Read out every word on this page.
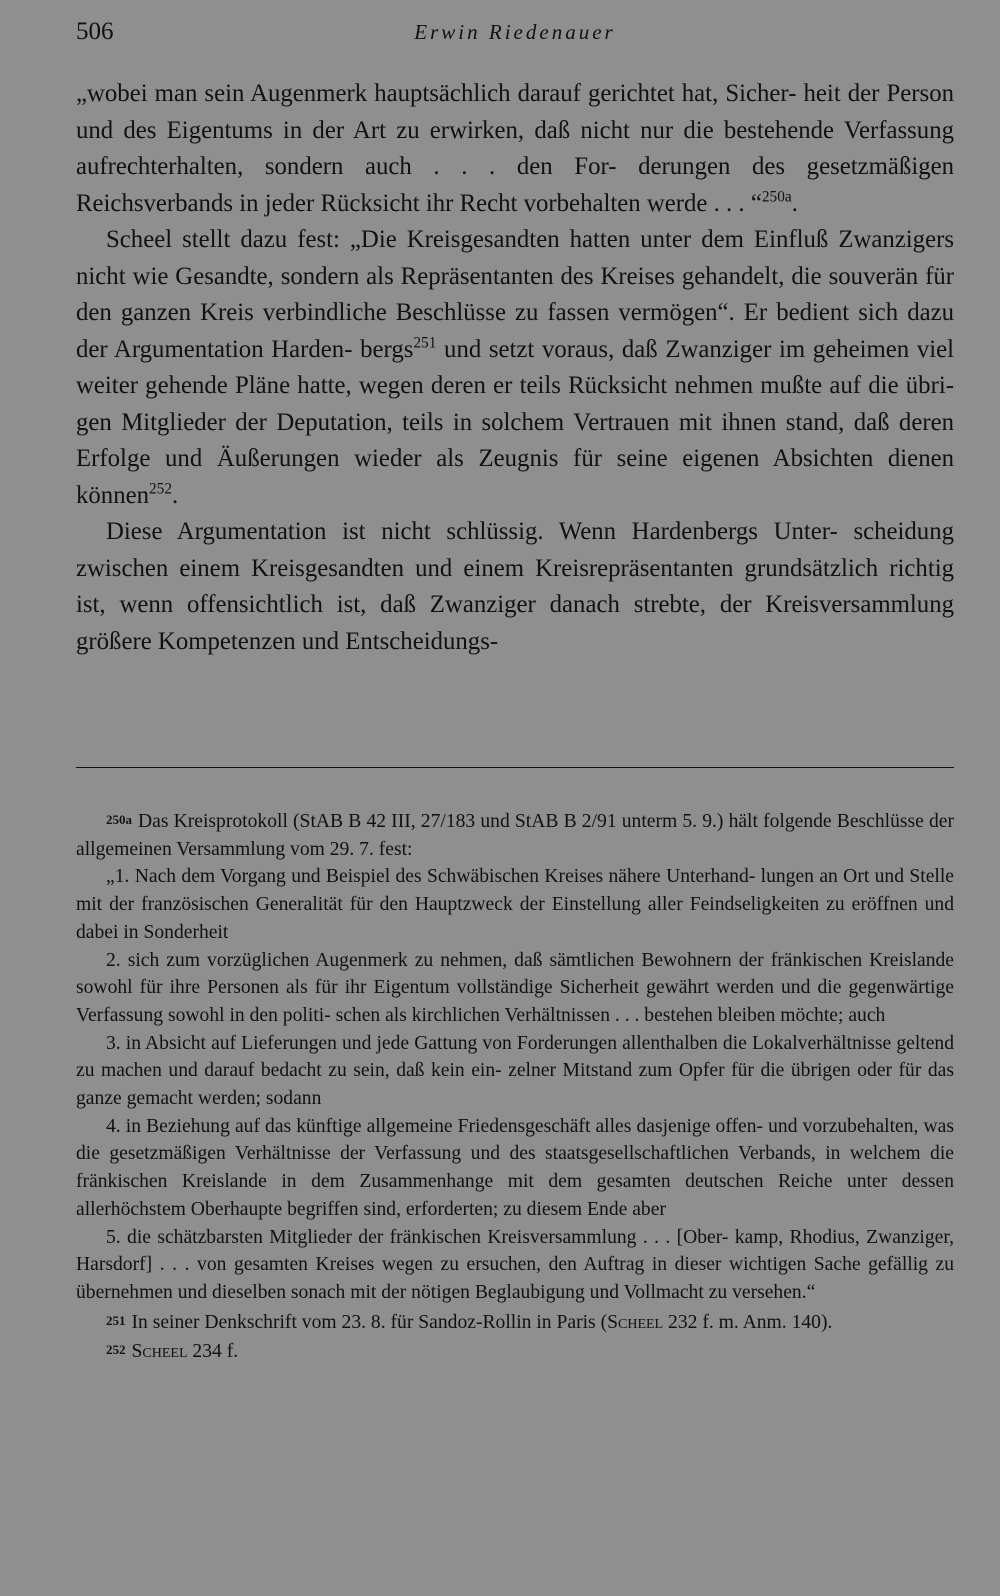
506	Erwin Riedenauer

„wobei man sein Augenmerk hauptsächlich darauf gerichtet hat, Sicher- heit der Person und des Eigentums in der Art zu erwirken, daß nicht nur die bestehende Verfassung aufrechterhalten, sondern auch . . . den For- derungen des gesetzmäßigen Reichsverbands in jeder Rücksicht ihr Recht vorbehalten werde . . . “$^{250a}$.

Scheel stellt dazu fest: „Die Kreisgesandten hatten unter dem Einfluß Zwanzigers nicht wie Gesandte, sondern als Repräsentanten des Kreises gehandelt, die souverän für den ganzen Kreis verbindliche Beschlüsse zu fassen vermögen“. Er bedient sich dazu der Argumentation Harden- bergs$^{251}$ und setzt voraus, daß Zwanziger im geheimen viel weiter gehende Pläne hatte, wegen deren er teils Rücksicht nehmen mußte auf die übri- gen Mitglieder der Deputation, teils in solchem Vertrauen mit ihnen stand, daß deren Erfolge und Äußerungen wieder als Zeugnis für seine eigenen Absichten dienen können$^{252}$.

Diese Argumentation ist nicht schlüssig. Wenn Hardenbergs Unter- scheidung zwischen einem Kreisgesandten und einem Kreisrepräsentanten grundsätzlich richtig ist, wenn offensichtlich ist, daß Zwanziger danach strebte, der Kreisversammlung größere Kompetenzen und Entscheidungs-

250a Das Kreisprotokoll (StAB B 42 III, 27/183 und StAB B 2/91 unterm 5. 9.) hält folgende Beschlüsse der allgemeinen Versammlung vom 29. 7. fest:

„1. Nach dem Vorgang und Beispiel des Schwäbischen Kreises nähere Unterhand- lungen an Ort und Stelle mit der französischen Generalität für den Hauptzweck der Einstellung aller Feindseligkeiten zu eröffnen und dabei in Sonderheit

2. sich zum vorzüglichen Augenmerk zu nehmen, daß sämtlichen Bewohnern der fränkischen Kreislande sowohl für ihre Personen als für ihr Eigentum vollständige Sicherheit gewährt werden und die gegenwärtige Verfassung sowohl in den politi- schen als kirchlichen Verhältnissen . . . bestehen bleiben möchte; auch

3. in Absicht auf Lieferungen und jede Gattung von Forderungen allenthalben die Lokalverhältnisse geltend zu machen und darauf bedacht zu sein, daß kein ein- zelner Mitstand zum Opfer für die übrigen oder für das ganze gemacht werden; sodann

4. in Beziehung auf das künftige allgemeine Friedensgeschäft alles dasjenige offen- und vorzubehalten, was die gesetzmäßigen Verhältnisse der Verfassung und des staatsgesellschaftlichen Verbands, in welchem die fränkischen Kreislande in dem Zusammenhange mit dem gesamten deutschen Reiche unter dessen allerhöchstem Oberhaupte begriffen sind, erforderten; zu diesem Ende aber

5. die schätzbarsten Mitglieder der fränkischen Kreisversammlung . . . [Ober- kamp, Rhodius, Zwanziger, Harsdorf] . . . von gesamten Kreises wegen zu ersuchen, den Auftrag in dieser wichtigen Sache gefällig zu übernehmen und dieselben sonach mit der nötigen Beglaubigung und Vollmacht zu versehen.“

251 In seiner Denkschrift vom 23. 8. für Sandoz-Rollin in Paris (Scheel 232 f. m. Anm. 140).

252 Scheel 234 f.
